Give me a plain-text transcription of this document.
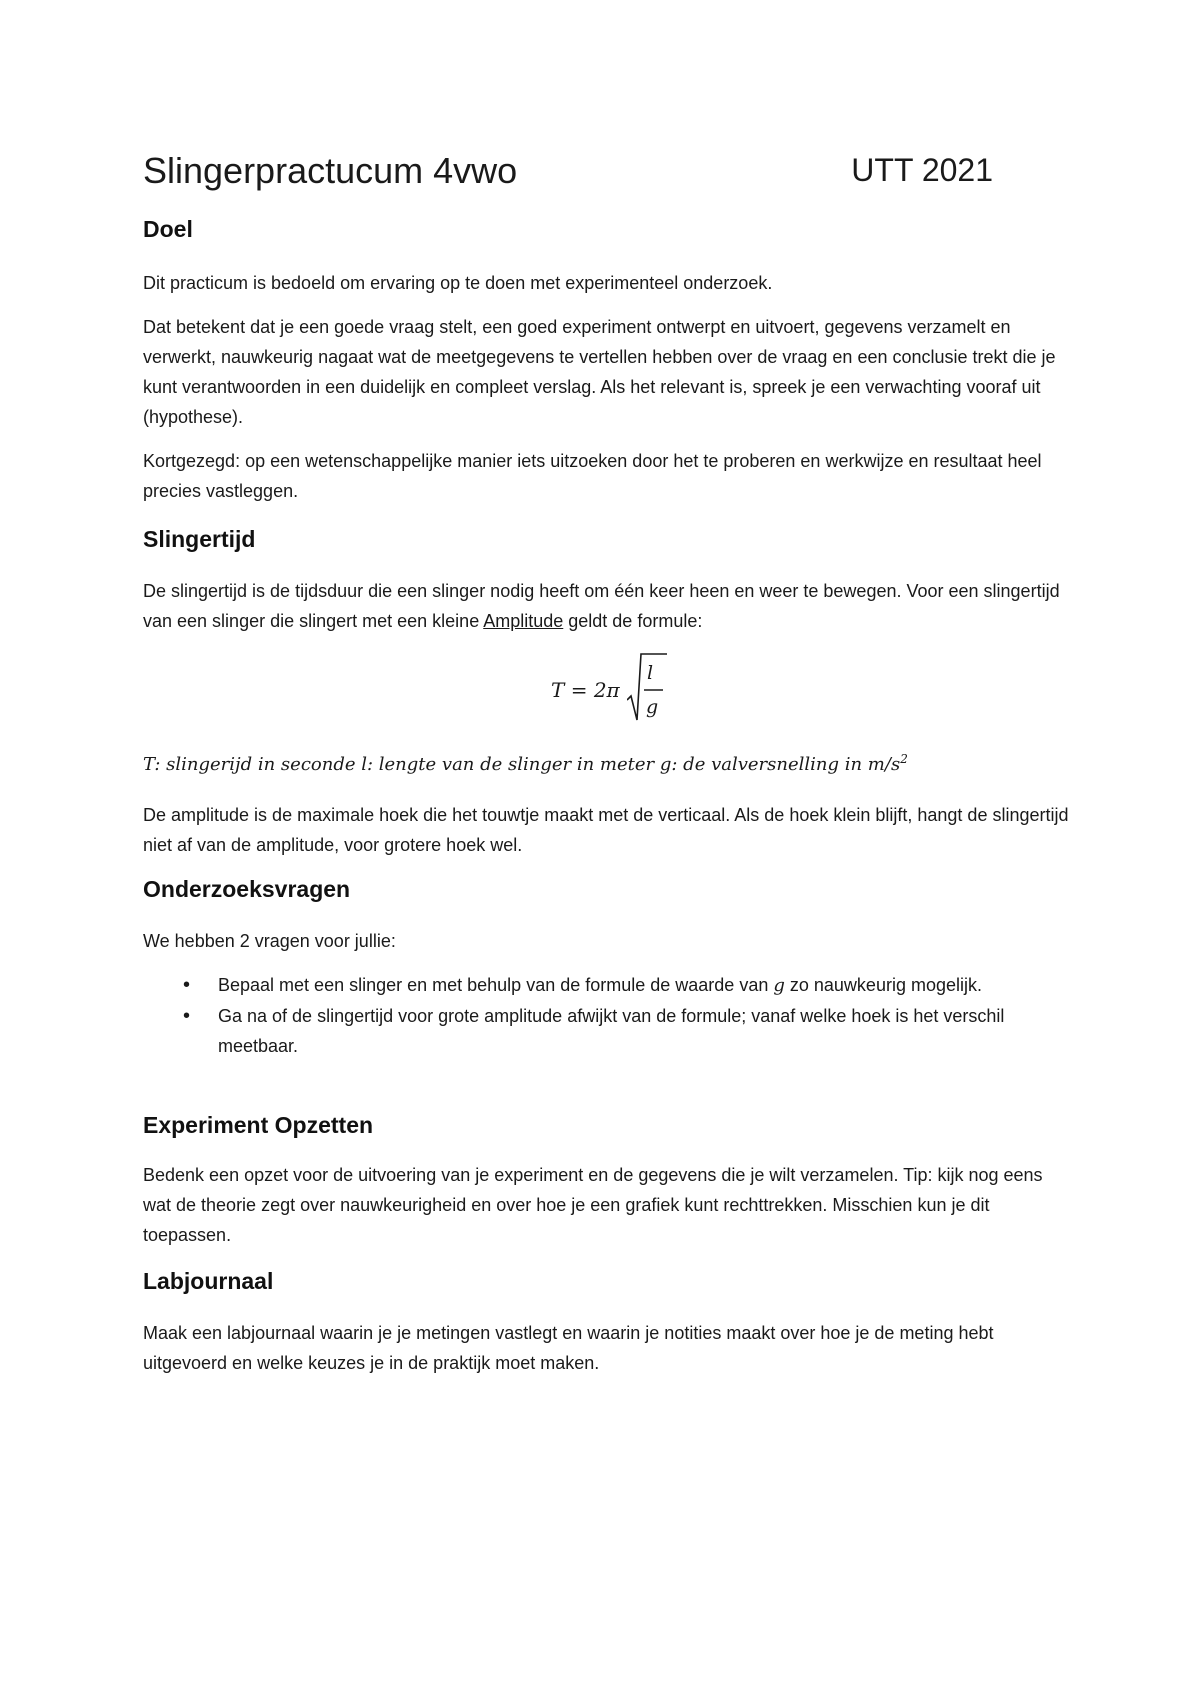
Slingerpractucum 4vwo	UTT 2021
Doel

Dit practicum is bedoeld om ervaring op te doen met experimenteel onderzoek.

Dat betekent dat je een goede vraag stelt, een goed experiment ontwerpt en uitvoert, gegevens verzamelt en verwerkt, nauwkeurig nagaat wat de meetgegevens te vertellen hebben over de vraag en een conclusie trekt die je kunt verantwoorden in een duidelijk en compleet verslag. Als het relevant is, spreek je een verwachting vooraf uit (hypothese).

Kortgezegd: op een wetenschappelijke manier iets uitzoeken door het te proberen en werkwijze en resultaat heel precies vastleggen.

Slingertijd

De slingertijd is de tijdsduur die een slinger nodig heeft om één keer heen en weer te bewegen. Voor een slingertijd van een slinger die slingert met een kleine Amplitude geldt de formule:

T = 2π
l
g
T: slingerijd in seconde l: lengte van de slinger in meter g: de valversnelling in $m/s^2$

De amplitude is de maximale hoek die het touwtje maakt met de verticaal. Als de hoek klein blijft, hangt de slingertijd niet af van de amplitude, voor grotere hoek wel.

Onderzoeksvragen

We hebben 2 vragen voor jullie:

• Bepaal met een slinger en met behulp van de formule de waarde van g zo nauwkeurig mogelijk.
• Ga na of de slingertijd voor grote amplitude afwijkt van de formule; vanaf welke hoek is het verschil meetbaar.
Experiment Opzetten

Bedenk een opzet voor de uitvoering van je experiment en de gegevens die je wilt verzamelen. Tip: kijk nog eens wat de theorie zegt over nauwkeurigheid en over hoe je een grafiek kunt rechttrekken. Misschien kun je dit toepassen.

Labjournaal

Maak een labjournaal waarin je je metingen vastlegt en waarin je notities maakt over hoe je de meting hebt uitgevoerd en welke keuzes je in de praktijk moet maken.
